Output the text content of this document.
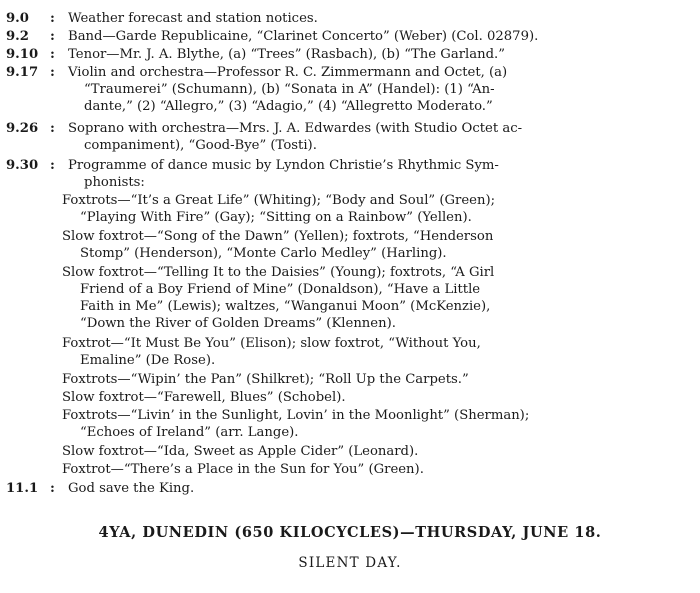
9.0	: Weather forecast and station notices.
9.2	: Band—Garde Republicaine, “Clarinet Concerto” (Weber) (Col. 02879).
9.10 : Tenor—Mr. J. A. Blythe, (a) “Trees” (Rasbach), (b) “The Garland.”
9.17 : Violin and orchestra—Professor R. C. Zimmermann and Octet, (a)
“Traumerei” (Schumann), (b) “Sonata in A” (Handel): (1) “An-
dante,” (2) “Allegro,” (3) “Adagio,” (4) “Allegretto Moderato.”
9.26 : Soprano with orchestra—Mrs. J. A. Edwardes (with Studio Octet ac-
companiment), “Good-Bye” (Tosti).
9.30 : Programme of dance music by Lyndon Christie’s Rhythmic Sym-
phonists:
Foxtrots—“It’s a Great Life” (Whiting); “Body and Soul” (Green);
“Playing With Fire” (Gay); “Sitting on a Rainbow” (Yellen).
Slow foxtrot—“Song of the Dawn” (Yellen); foxtrots, “Henderson
Stomp” (Henderson), “Monte Carlo Medley” (Harling).
Slow foxtrot—“Telling It to the Daisies” (Young); foxtrots, “A Girl
Friend of a Boy Friend of Mine” (Donaldson), “Have a Little
Faith in Me” (Lewis); waltzes, “Wanganui Moon” (McKenzie),
“Down the River of Golden Dreams” (Klennen).
Foxtrot—“It Must Be You” (Elison); slow foxtrot, “Without You,
Emaline” (De Rose).
Foxtrots—“Wipin’ the Pan” (Shilkret); “Roll Up the Carpets.”
Slow foxtrot—“Farewell, Blues” (Schobel).
Foxtrots—“Livin’ in the Sunlight, Lovin’ in the Moonlight” (Sherman);
“Echoes of Ireland” (arr. Lange).
Slow foxtrot—“Ida, Sweet as Apple Cider” (Leonard).
Foxtrot—“There’s a Place in the Sun for You” (Green).
11.1 : God save the King.
4YA, DUNEDIN (650 KILOCYCLES)—THURSDAY, JUNE 18.
SILENT DAY.
